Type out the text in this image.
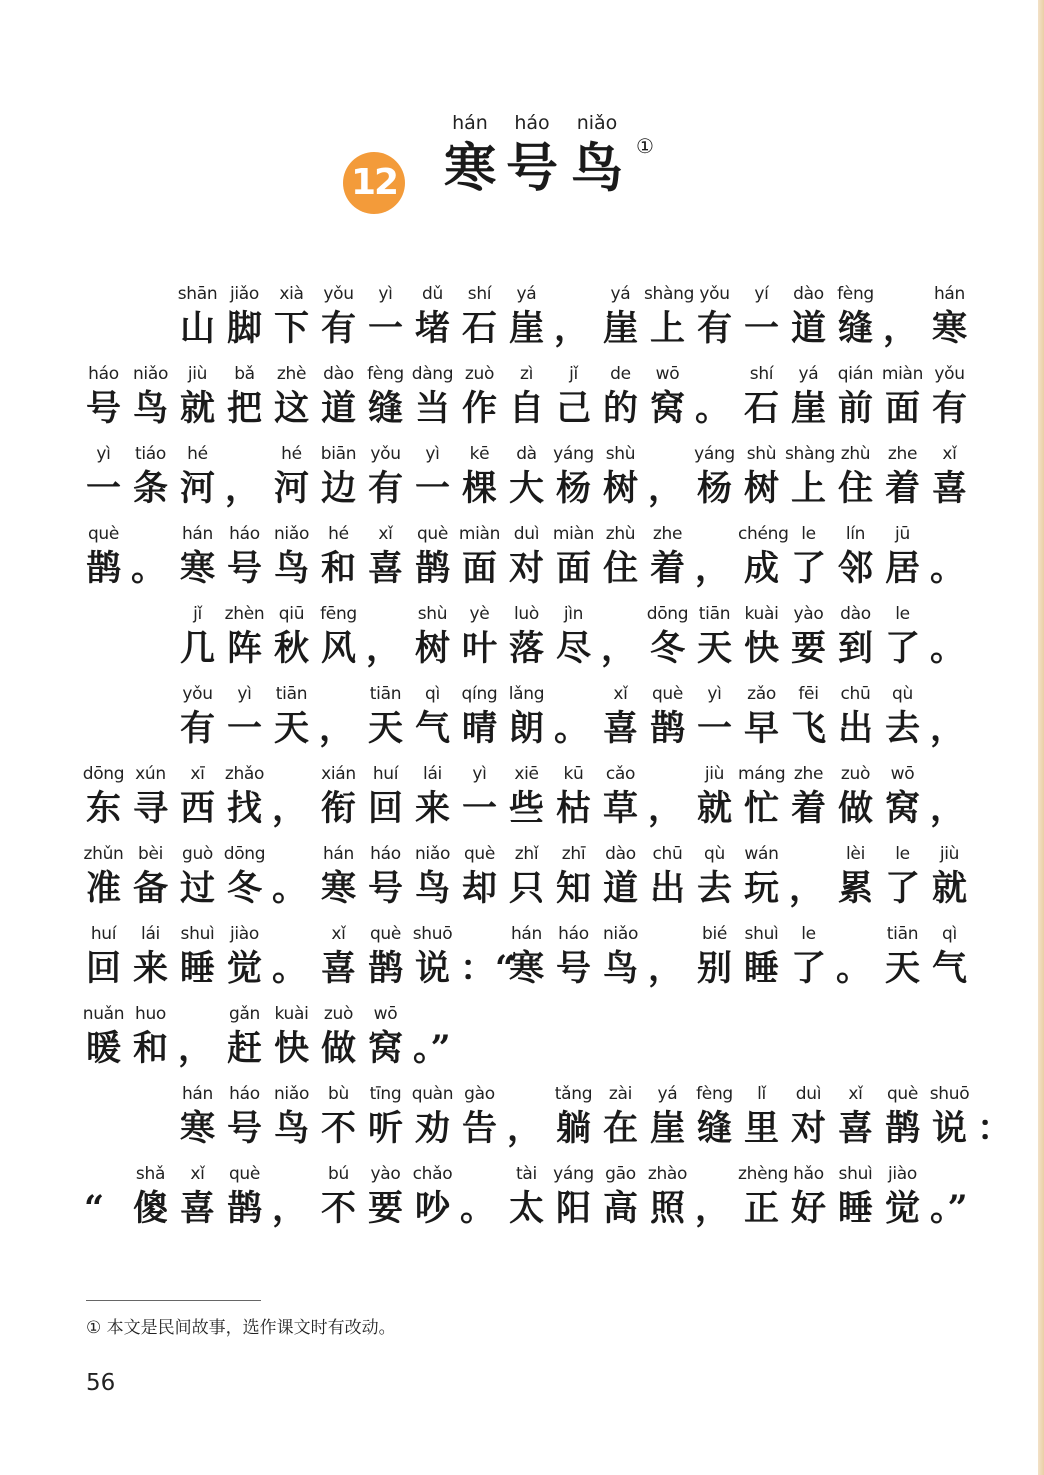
12
hán
寒
háo
号
niǎo
鸟 ①
shān
山
jiǎo
脚
xià
下
yǒu
有
yì
一
dǔ
堵
shí
石
yá
崖 ，
yá
崖
shàng
上
yǒu
有
yí
一
dào
道
fèng
缝 ，
hán
寒
háo
号
niǎo
鸟
jiù
就
bǎ
把
zhè
这
dào
道
fèng
缝
dàng
当
zuò
作
zì
自
jǐ
己
de
的
wō
窝 。
shí
石
yá
崖
qián
前
miàn
面
yǒu
有
yì
一
tiáo
条
hé
河 ，
hé
河
biān
边
yǒu
有
yì
一
kē
棵
dà
大
yáng
杨
shù
树 ，
yáng
杨
shù
树
shàng
上
zhù
住
zhe
着
xǐ
喜
què
鹊 。
hán
寒
háo
号
niǎo
鸟
hé
和
xǐ
喜
què
鹊
miàn
面
duì
对
miàn
面
zhù
住
zhe
着 ，
chéng
成
le
了
lín
邻
jū
居 。
jǐ
几
zhèn
阵
qiū
秋
fēng
风 ，
shù
树
yè
叶
luò
落
jìn
尽 ，
dōng
冬
tiān
天
kuài
快
yào
要
dào
到
le
了 。
yǒu
有
yì
一
tiān
天 ，
tiān
天
qì
气
qíng
晴
lǎng
朗 。
xǐ
喜
què
鹊
yì
一
zǎo
早
fēi
飞
chū
出
qù
去 ，
dōng
东
xún
寻
xī
西
zhǎo
找 ，
xián
衔
huí
回
lái
来
yì
一
xiē
些
kū
枯
cǎo
草 ，
jiù
就
máng
忙
zhe
着
zuò
做
wō
窝 ，
zhǔn
准
bèi
备
guò
过
dōng
冬 。
hán
寒
háo
号
niǎo
鸟
què
却
zhǐ
只
zhī
知
dào
道
chū
出
qù
去
wán
玩 ，
lèi
累
le
了
jiù
就
huí
回
lái
来
shuì
睡
jiào
觉 。
xǐ
喜
què
鹊
shuō
说 ：“
hán
寒
háo
号
niǎo
鸟 ，
bié
别
shuì
睡
le
了 。
tiān
天
qì
气
nuǎn
暖
huo
和 ，
gǎn
赶
kuài
快
zuò
做
wō
窝 。”
hán
寒
háo
号
niǎo
鸟
bù
不
tīng
听
quàn
劝
gào
告 ，
tǎng
躺
zài
在
yá
崖
fèng
缝
lǐ
里
duì
对
xǐ
喜
què
鹊
shuō
说 ：
“
shǎ
傻
xǐ
喜
què
鹊 ，
bú
不
yào
要
chǎo
吵 。
tài
太
yáng
阳
gāo
高
zhào
照 ，
zhèng
正
hǎo
好
shuì
睡
jiào
觉 。”
① 本文是民间故事，选作课文时有改动。
56
